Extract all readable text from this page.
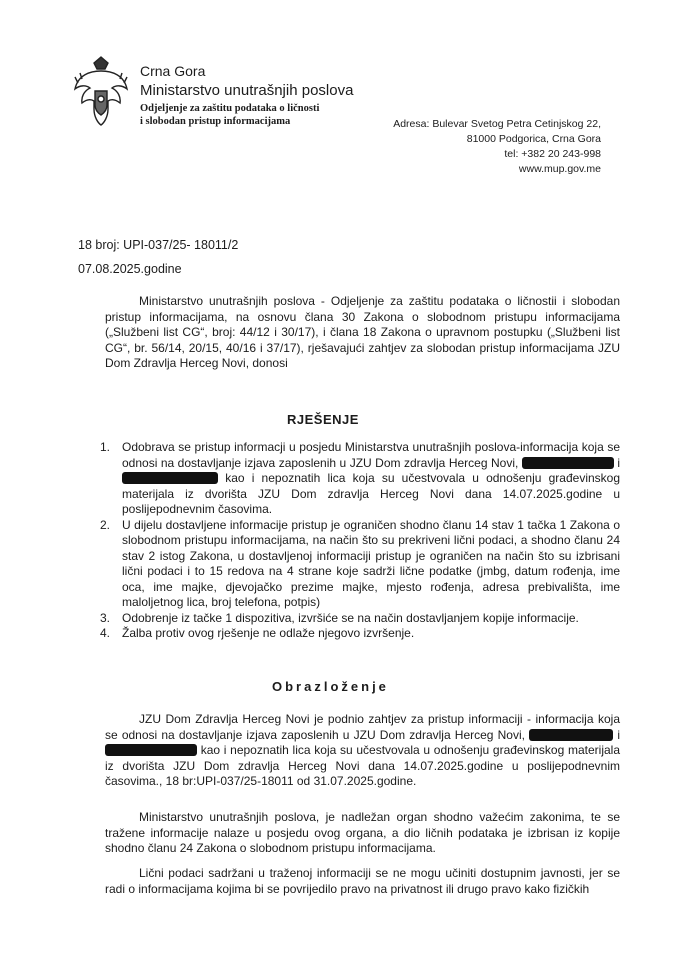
Crna Gora
Ministarstvo unutrašnjih poslova
Odjeljenje za zaštitu podataka o ličnosti
i slobodan pristup informacijama	Adresa: Bulevar Svetog Petra Cetinjskog 22,
81000 Podgorica, Crna Gora
tel: +382 20 243-998
www.mup.gov.me
18 broj: UPI-037/25- 18011/2
07.08.2025.godine

Ministarstvo unutrašnjih poslova - Odjeljenje za zaštitu podataka o ličnostii i slobodan pristup informacijama, na osnovu člana 30 Zakona o slobodnom pristupu informacijama („Službeni list CG“, broj: 44/12 i 30/17), i člana 18 Zakona o upravnom postupku („Službeni list CG“, br. 56/14, 20/15, 40/16 i 37/17), rješavajući zahtjev za slobodan pristup informacijama JZU Dom Zdravlja Herceg Novi, donosi

RJEŠENJE
1. Odobrava se pristup informacji u posjedu Ministarstva unutrašnjih poslova-informacija koja se odnosi na dostavljanje izjava zaposlenih u JZU Dom zdravlja Herceg Novi,	i  kao i nepoznatih lica koja su učestvovala u odnošenju građevinskog materijala iz dvorišta JZU Dom zdravlja Herceg Novi dana 14.07.2025.godine u poslijepodnevnim časovima.
2. U dijelu dostavljene informacije pristup je ograničen shodno članu 14 stav 1 tačka 1 Zakona o slobodnom pristupu informacijama, na način što su prekriveni lični podaci, a shodno članu 24 stav 2 istog Zakona, u dostavljenoj informaciji pristup je ograničen na način što su izbrisani lični podaci i to 15 redova na 4 strane koje sadrži lične podatke (jmbg, datum rođenja, ime oca, ime majke, djevojačko prezime majke, mjesto rođenja, adresa prebivališta, ime maloljetnog lica, broj telefona, potpis)
3. Odobrenje iz tačke 1 dispozitiva, izvršiće se na način dostavljanjem kopije informacije.
4. Žalba protiv ovog rješenje ne odlaže njegovo izvršenje.
Obrazloženje

JZU Dom Zdravlja Herceg Novi je podnio zahtjev za pristup informaciji - informacija koja se odnosi na dostavljanje izjava zaposlenih u JZU Dom zdravlja Herceg Novi,	i  kao i nepoznatih lica koja su učestvovala u odnošenju građevinskog materijala iz dvorišta JZU Dom zdravlja Herceg Novi dana 14.07.2025.godine u poslijepodnevnim časovima., 18 br:UPI-037/25-18011 od 31.07.2025.godine.

Ministarstvo unutrašnjih poslova, je nadležan organ shodno važećim zakonima, te se tražene informacije nalaze u posjedu ovog organa, a dio ličnih podataka je izbrisan iz kopije shodno članu 24 Zakona o slobodnom pristupu informacijama.

Lični podaci sadržani u traženoj informaciji se ne mogu učiniti dostupnim javnosti, jer se radi o informacijama kojima bi se povrijedilo pravo na privatnost ili drugo pravo kako fizičkih
